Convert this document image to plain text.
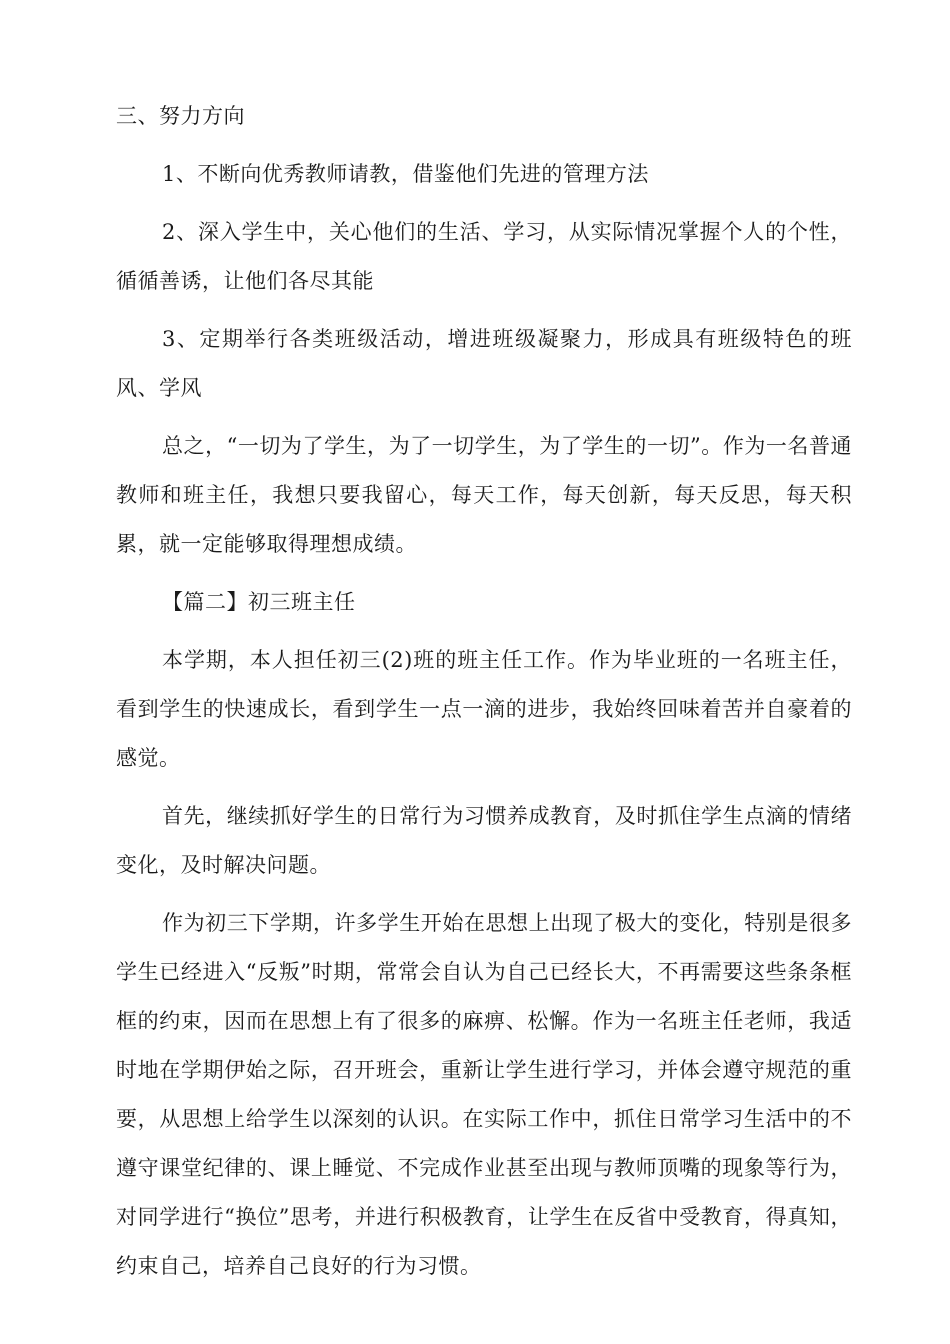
三、努力方向

1、不断向优秀教师请教，借鉴他们先进的管理方法

2、深入学生中，关心他们的生活、学习，从实际情况掌握个人的个性，循循善诱，让他们各尽其能

3、定期举行各类班级活动，增进班级凝聚力，形成具有班级特色的班风、学风

总之，“一切为了学生，为了一切学生，为了学生的一切”。作为一名普通教师和班主任，我想只要我留心，每天工作，每天创新，每天反思，每天积累，就一定能够取得理想成绩。

【篇二】初三班主任

本学期，本人担任初三(2)班的班主任工作。作为毕业班的一名班主任，看到学生的快速成长，看到学生一点一滴的进步，我始终回味着苦并自豪着的感觉。

首先，继续抓好学生的日常行为习惯养成教育，及时抓住学生点滴的情绪变化，及时解决问题。

作为初三下学期，许多学生开始在思想上出现了极大的变化，特别是很多学生已经进入“反叛”时期，常常会自认为自己已经长大，不再需要这些条条框框的约束，因而在思想上有了很多的麻痹、松懈。作为一名班主任老师，我适时地在学期伊始之际，召开班会，重新让学生进行学习，并体会遵守规范的重要，从思想上给学生以深刻的认识。在实际工作中，抓住日常学习生活中的不遵守课堂纪律的、课上睡觉、不完成作业甚至出现与教师顶嘴的现象等行为，对同学进行“换位”思考，并进行积极教育，让学生在反省中受教育，得真知，约束自己，培养自己良好的行为习惯。
